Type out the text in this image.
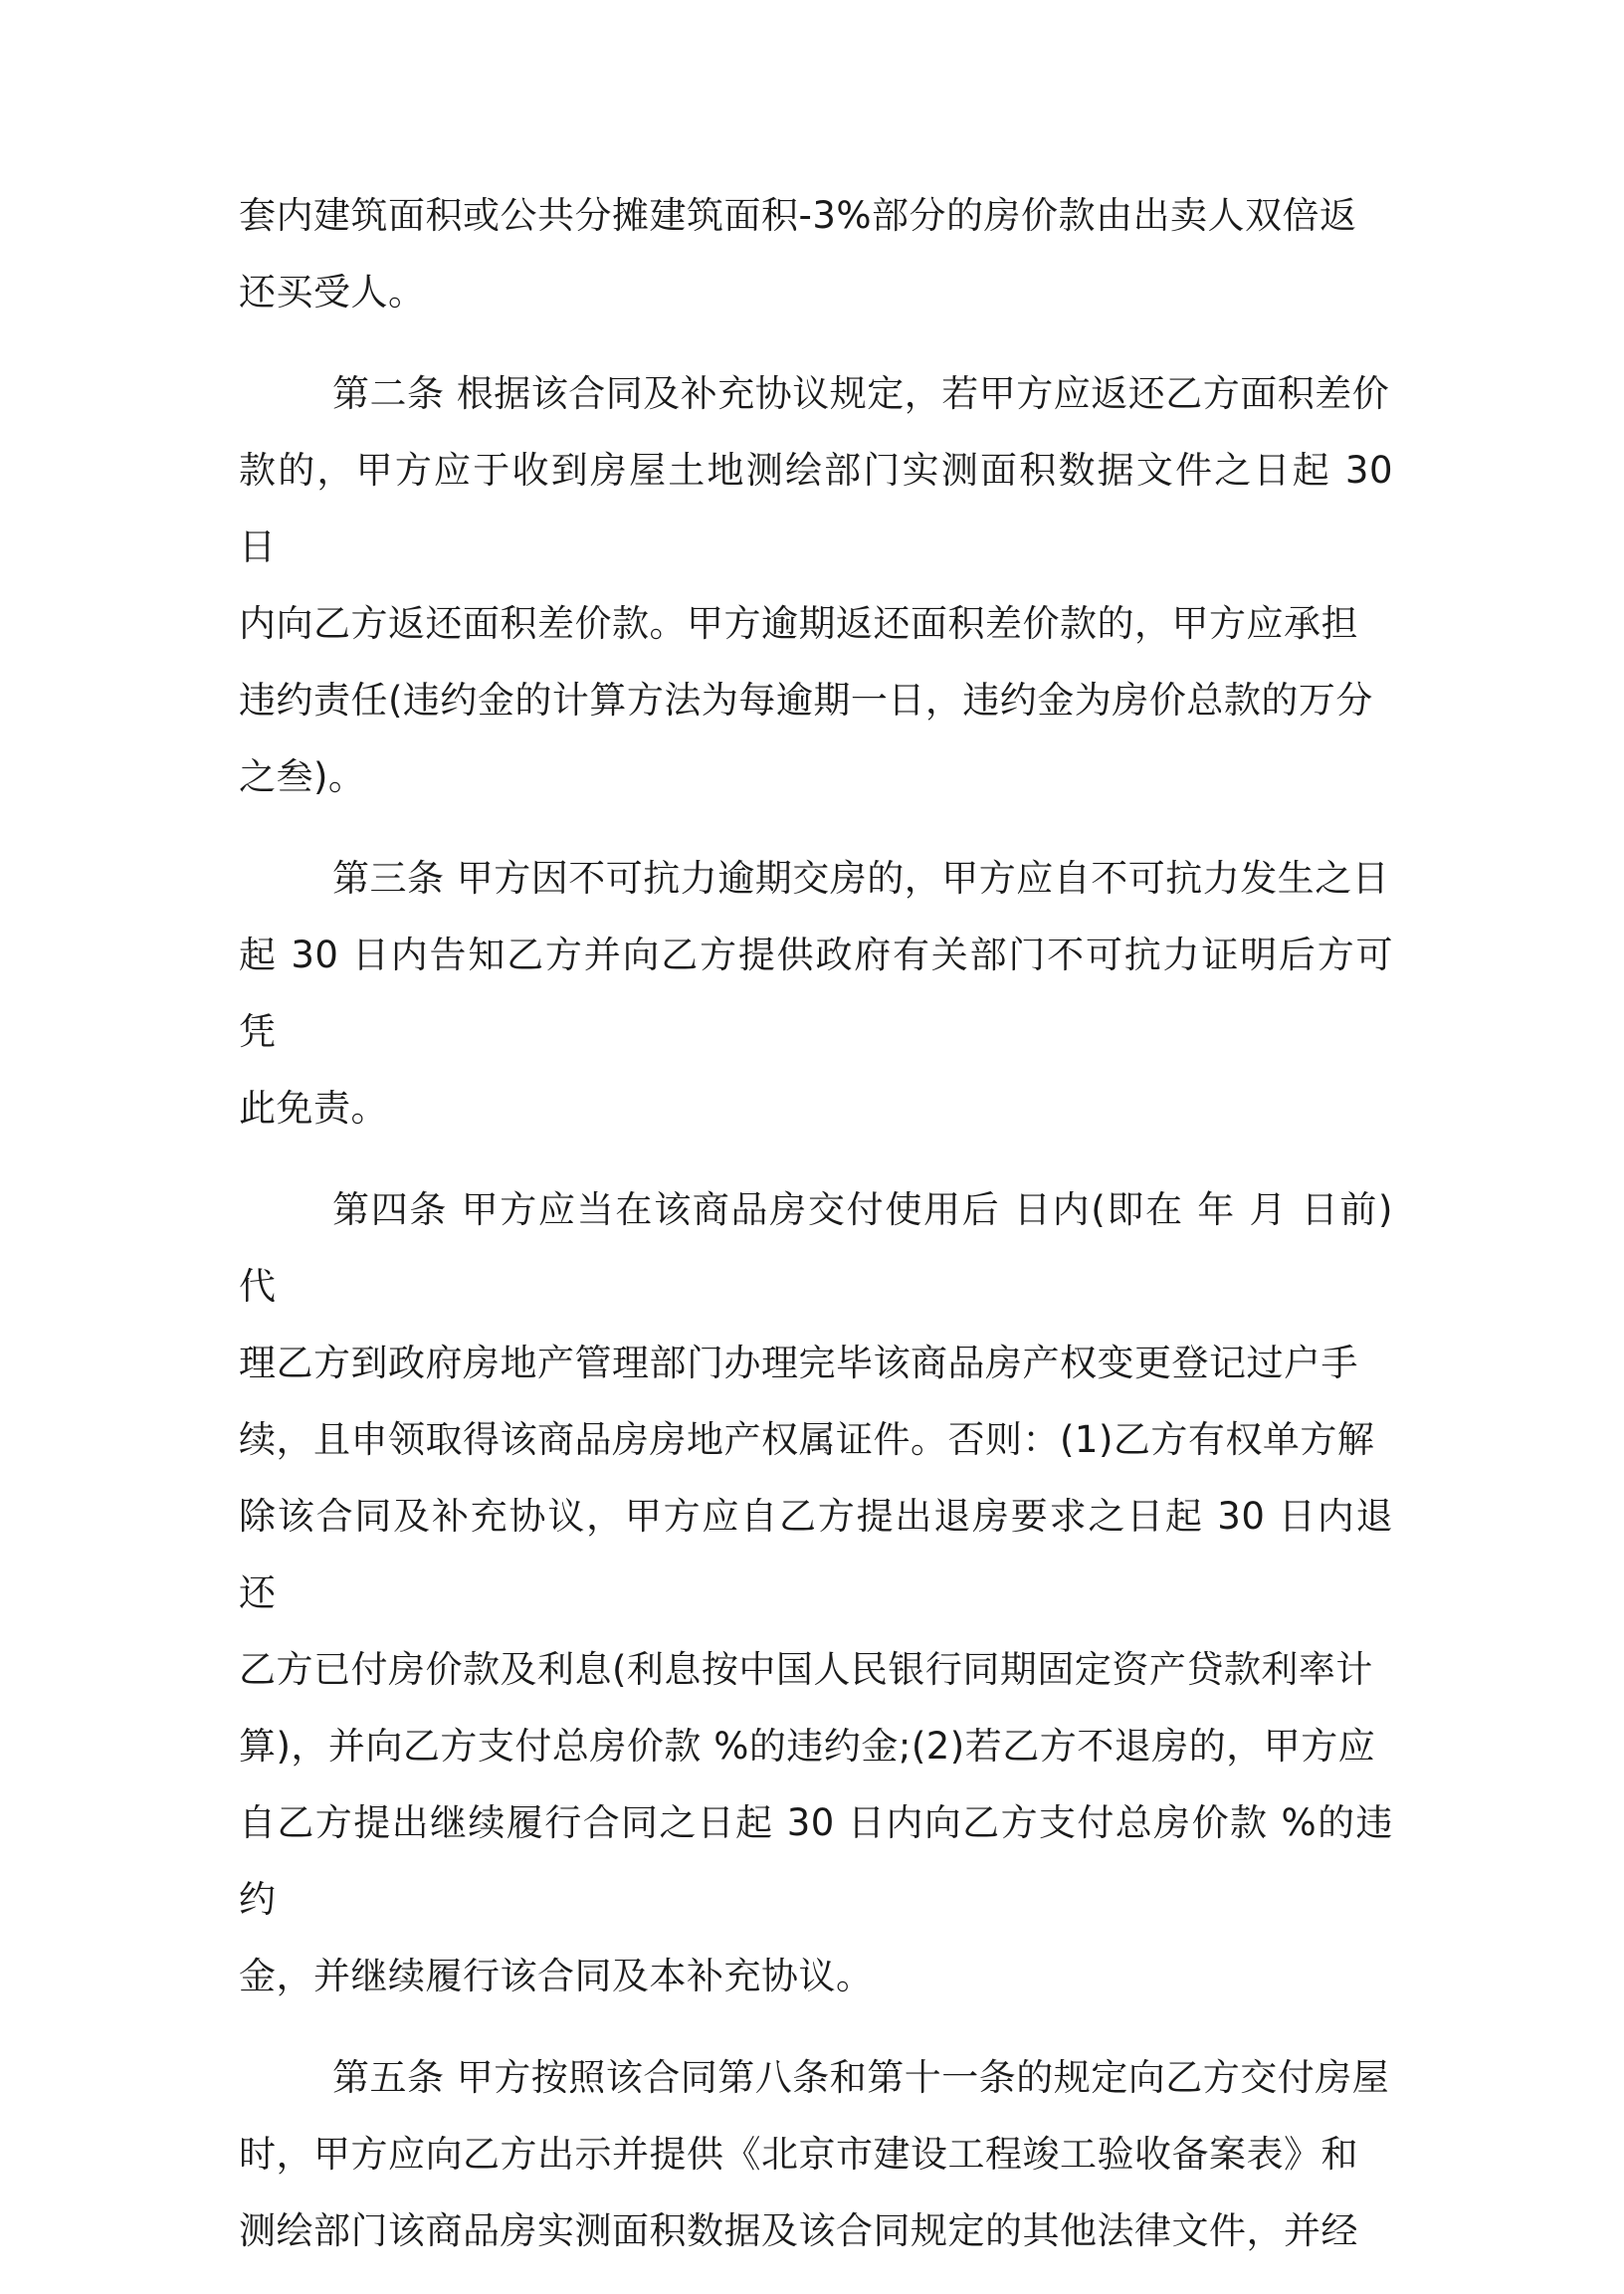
套内建筑面积或公共分摊建筑面积-3%部分的房价款由出卖人双倍返
还买受人。

第二条 根据该合同及补充协议规定，若甲方应返还乙方面积差价
款的，甲方应于收到房屋土地测绘部门实测面积数据文件之日起 30 日
内向乙方返还面积差价款。甲方逾期返还面积差价款的，甲方应承担
违约责任(违约金的计算方法为每逾期一日，违约金为房价总款的万分
之叁)。

第三条 甲方因不可抗力逾期交房的，甲方应自不可抗力发生之日
起 30 日内告知乙方并向乙方提供政府有关部门不可抗力证明后方可凭
此免责。

第四条 甲方应当在该商品房交付使用后 日内(即在 年 月 日前)代
理乙方到政府房地产管理部门办理完毕该商品房产权变更登记过户手
续，且申领取得该商品房房地产权属证件。否则：(1)乙方有权单方解
除该合同及补充协议，甲方应自乙方提出退房要求之日起 30 日内退还
乙方已付房价款及利息(利息按中国人民银行同期固定资产贷款利率计
算)，并向乙方支付总房价款 %的违约金;(2)若乙方不退房的，甲方应
自乙方提出继续履行合同之日起 30 日内向乙方支付总房价款 %的违约
金，并继续履行该合同及本补充协议。

第五条 甲方按照该合同第八条和第十一条的规定向乙方交付房屋
时，甲方应向乙方出示并提供《北京市建设工程竣工验收备案表》和
测绘部门该商品房实测面积数据及该合同规定的其他法律文件，并经
